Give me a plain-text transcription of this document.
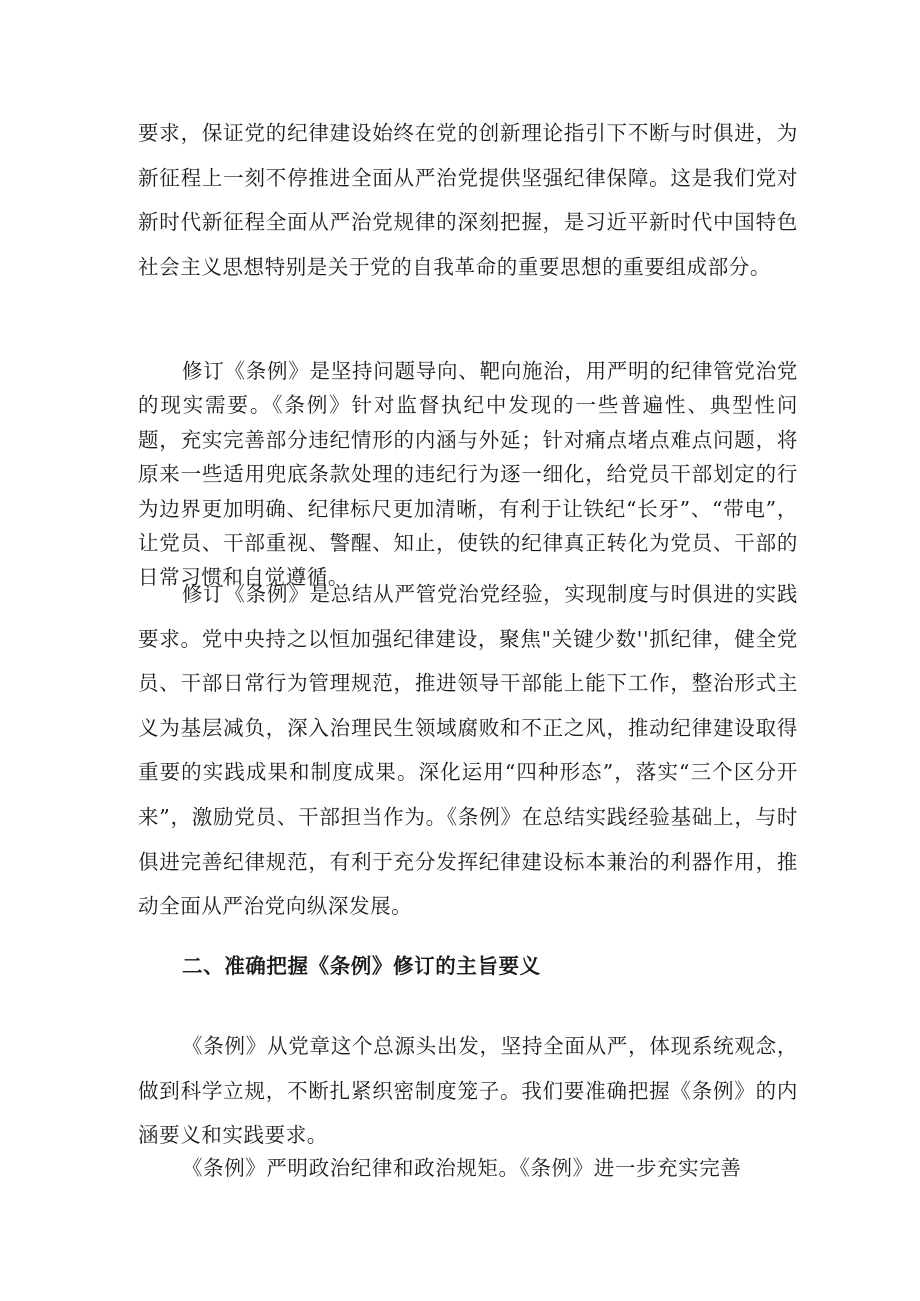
要求，保证党的纪律建设始终在党的创新理论指引下不断与时俱进，为新征程上一刻不停推进全面从严治党提供坚强纪律保障。这是我们党对新时代新征程全面从严治党规律的深刻把握，是习近平新时代中国特色社会主义思想特别是关于党的自我革命的重要思想的重要组成部分。

修订《条例》是坚持问题导向、靶向施治，用严明的纪律管党治党的现实需要。《条例》针对监督执纪中发现的一些普遍性、典型性问题，充实完善部分违纪情形的内涵与外延；针对痛点堵点难点问题，将原来一些适用兜底条款处理的违纪行为逐一细化，给党员干部划定的行为边界更加明确、纪律标尺更加清晰，有利于让铁纪“长牙”、“带电”，让党员、干部重视、警醒、知止，使铁的纪律真正转化为党员、干部的日常习惯和自觉遵循。

修订《条例》是总结从严管党治党经验，实现制度与时俱进的实践要求。党中央持之以恒加强纪律建设，聚焦"关键少数''抓纪律，健全党员、干部日常行为管理规范，推进领导干部能上能下工作，整治形式主义为基层减负，深入治理民生领域腐败和不正之风，推动纪律建设取得重要的实践成果和制度成果。深化运用“四种形态”，落实“三个区分开来”，激励党员、干部担当作为。《条例》在总结实践经验基础上，与时俱进完善纪律规范，有利于充分发挥纪律建设标本兼治的利器作用，推动全面从严治党向纵深发展。

二、准确把握《条例》修订的主旨要义

《条例》从党章这个总源头出发，坚持全面从严，体现系统观念，做到科学立规，不断扎紧织密制度笼子。我们要准确把握《条例》的内涵要义和实践要求。

《条例》严明政治纪律和政治规矩。《条例》进一步充实完善
